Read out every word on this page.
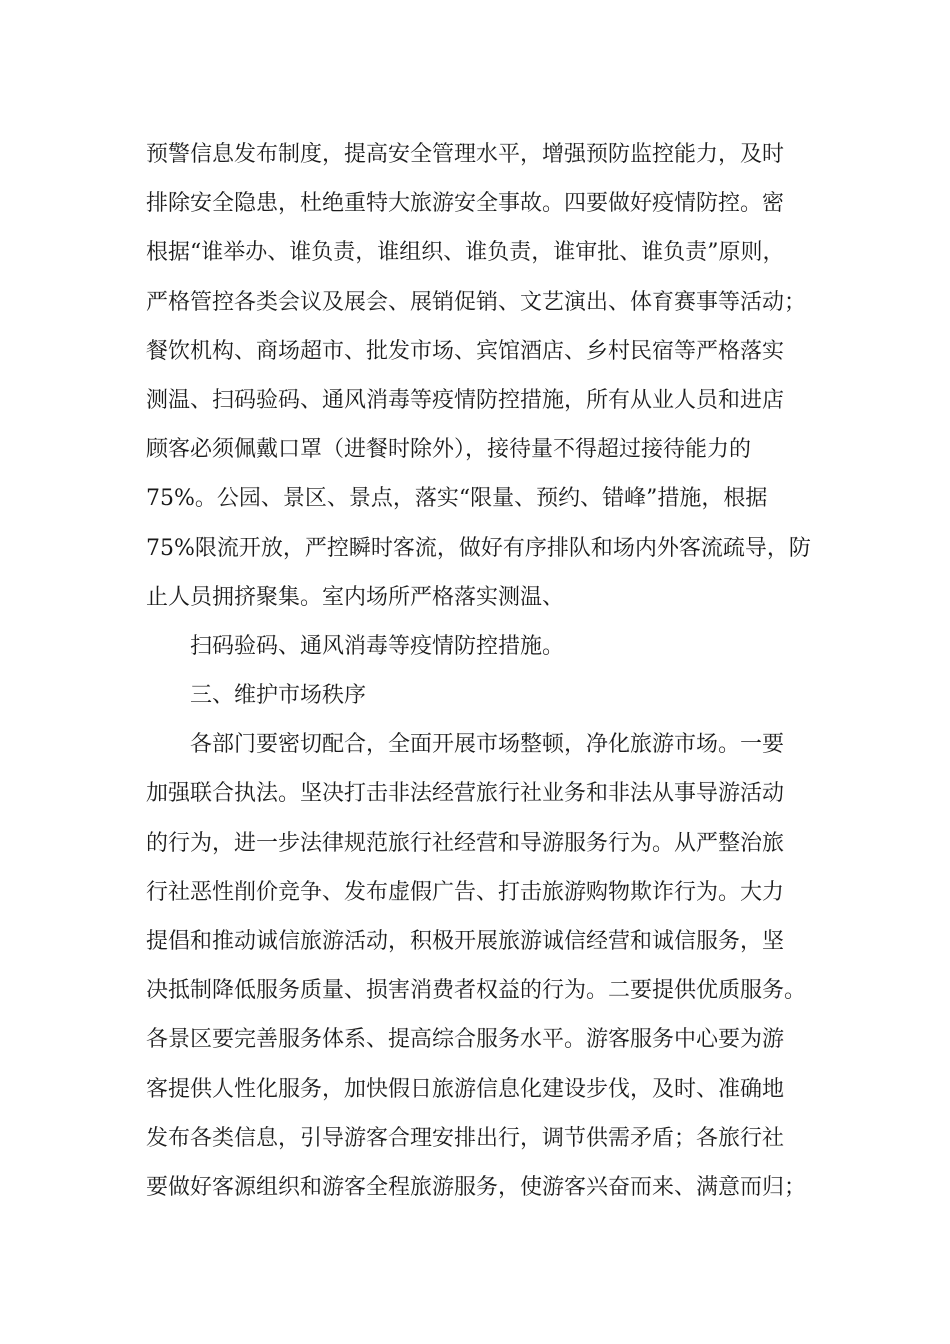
预警信息发布制度，提高安全管理水平，增强预防监控能力，及时
排除安全隐患，杜绝重特大旅游安全事故。四要做好疫情防控。密
根据“谁举办、谁负责，谁组织、谁负责，谁审批、谁负责”原则，
严格管控各类会议及展会、展销促销、文艺演出、体育赛事等活动；
餐饮机构、商场超市、批发市场、宾馆酒店、乡村民宿等严格落实
测温、扫码验码、通风消毒等疫情防控措施，所有从业人员和进店
顾客必须佩戴口罩（进餐时除外），接待量不得超过接待能力的
75%。公园、景区、景点，落实“限量、预约、错峰”措施，根据
75%限流开放，严控瞬时客流，做好有序排队和场内外客流疏导，防
止人员拥挤聚集。室内场所严格落实测温、
扫码验码、通风消毒等疫情防控措施。
三、维护市场秩序
各部门要密切配合，全面开展市场整顿，净化旅游市场。一要
加强联合执法。坚决打击非法经营旅行社业务和非法从事导游活动
的行为，进一步法律规范旅行社经营和导游服务行为。从严整治旅
行社恶性削价竞争、发布虚假广告、打击旅游购物欺诈行为。大力
提倡和推动诚信旅游活动，积极开展旅游诚信经营和诚信服务，坚
决抵制降低服务质量、损害消费者权益的行为。二要提供优质服务。
各景区要完善服务体系、提高综合服务水平。游客服务中心要为游
客提供人性化服务，加快假日旅游信息化建设步伐，及时、准确地
发布各类信息，引导游客合理安排出行，调节供需矛盾；各旅行社
要做好客源组织和游客全程旅游服务，使游客兴奋而来、满意而归；
